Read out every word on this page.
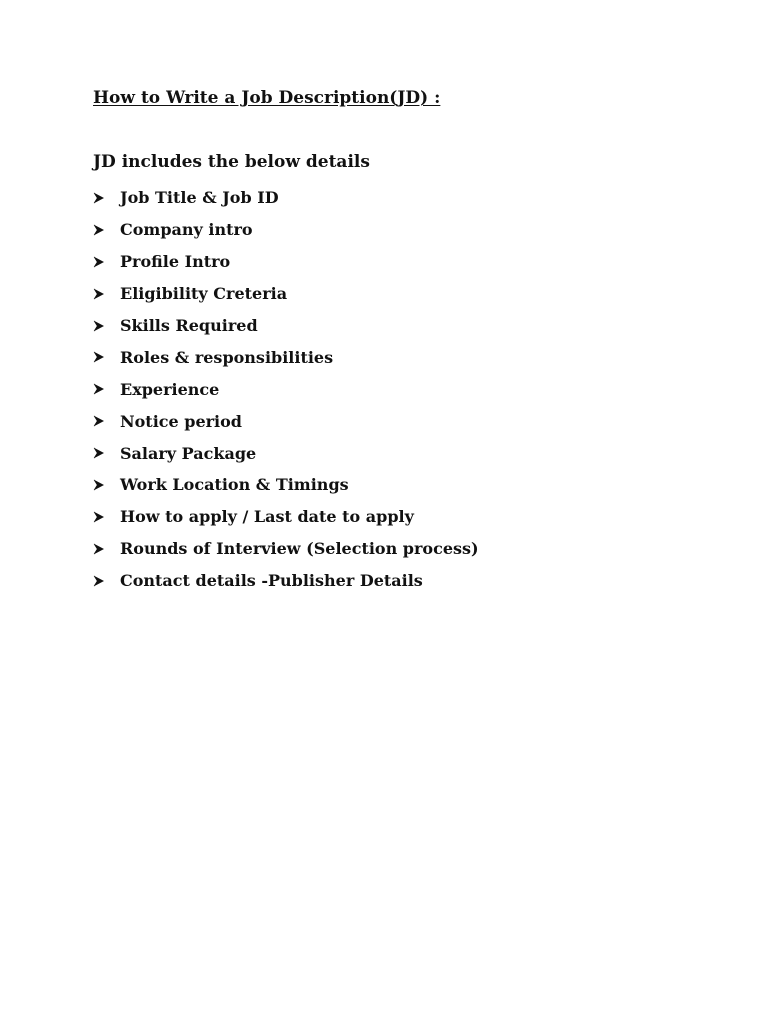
How to Write a Job Description(JD) :

JD includes the below details

Job Title & Job ID
Company intro
Profile Intro
Eligibility Creteria
Skills Required
Roles & responsibilities
Experience
Notice period
Salary Package
Work Location & Timings
How to apply / Last date to apply
Rounds of Interview (Selection process)
Contact details -Publisher Details
